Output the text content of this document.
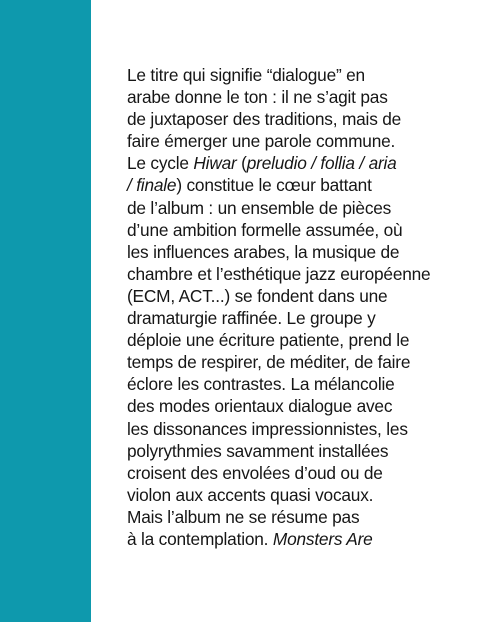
Le titre qui signifie “dialogue” en
arabe donne le ton : il ne s’agit pas
de juxtaposer des traditions, mais de
faire émerger une parole commune.
Le cycle Hiwar (preludio / follia / aria
/ finale) constitue le cœur battant
de l’album : un ensemble de pièces
d’une ambition formelle assumée, où
les influences arabes, la musique de
chambre et l’esthétique jazz européenne
(ECM, ACT...) se fondent dans une
dramaturgie raffinée. Le groupe y
déploie une écriture patiente, prend le
temps de respirer, de méditer, de faire
éclore les contrastes. La mélancolie
des modes orientaux dialogue avec
les dissonances impressionnistes, les
polyrythmies savamment installées
croisent des envolées d’oud ou de
violon aux accents quasi vocaux.
Mais l’album ne se résume pas
à la contemplation. Monsters Are
